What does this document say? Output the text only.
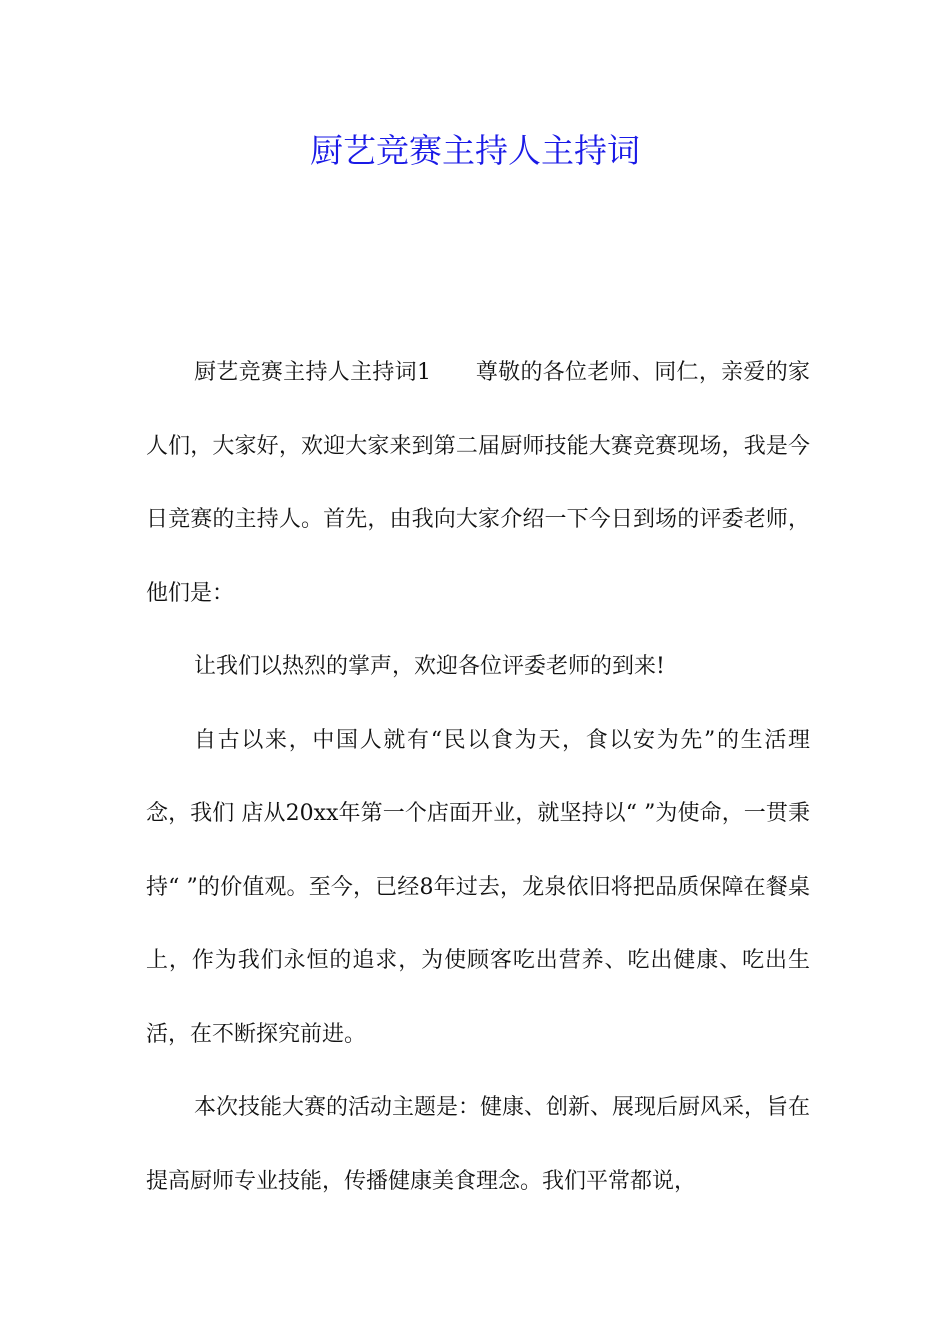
厨艺竞赛主持人主持词

厨艺竞赛主持人主持词1　　尊敬的各位老师、同仁，亲爱的家人们，大家好，欢迎大家来到第二届厨师技能大赛竞赛现场，我是今日竞赛的主持人。首先，由我向大家介绍一下今日到场的评委老师，他们是：

让我们以热烈的掌声，欢迎各位评委老师的到来!

自古以来，中国人就有“民以食为天，食以安为先”的生活理念，我们 店从20xx年第一个店面开业，就坚持以“ ”为使命，一贯秉持“ ”的价值观。至今，已经8年过去，龙泉依旧将把品质保障在餐桌上，作为我们永恒的追求，为使顾客吃出营养、吃出健康、吃出生活，在不断探究前进。

本次技能大赛的活动主题是：健康、创新、展现后厨风采，旨在提高厨师专业技能，传播健康美食理念。我们平常都说，
